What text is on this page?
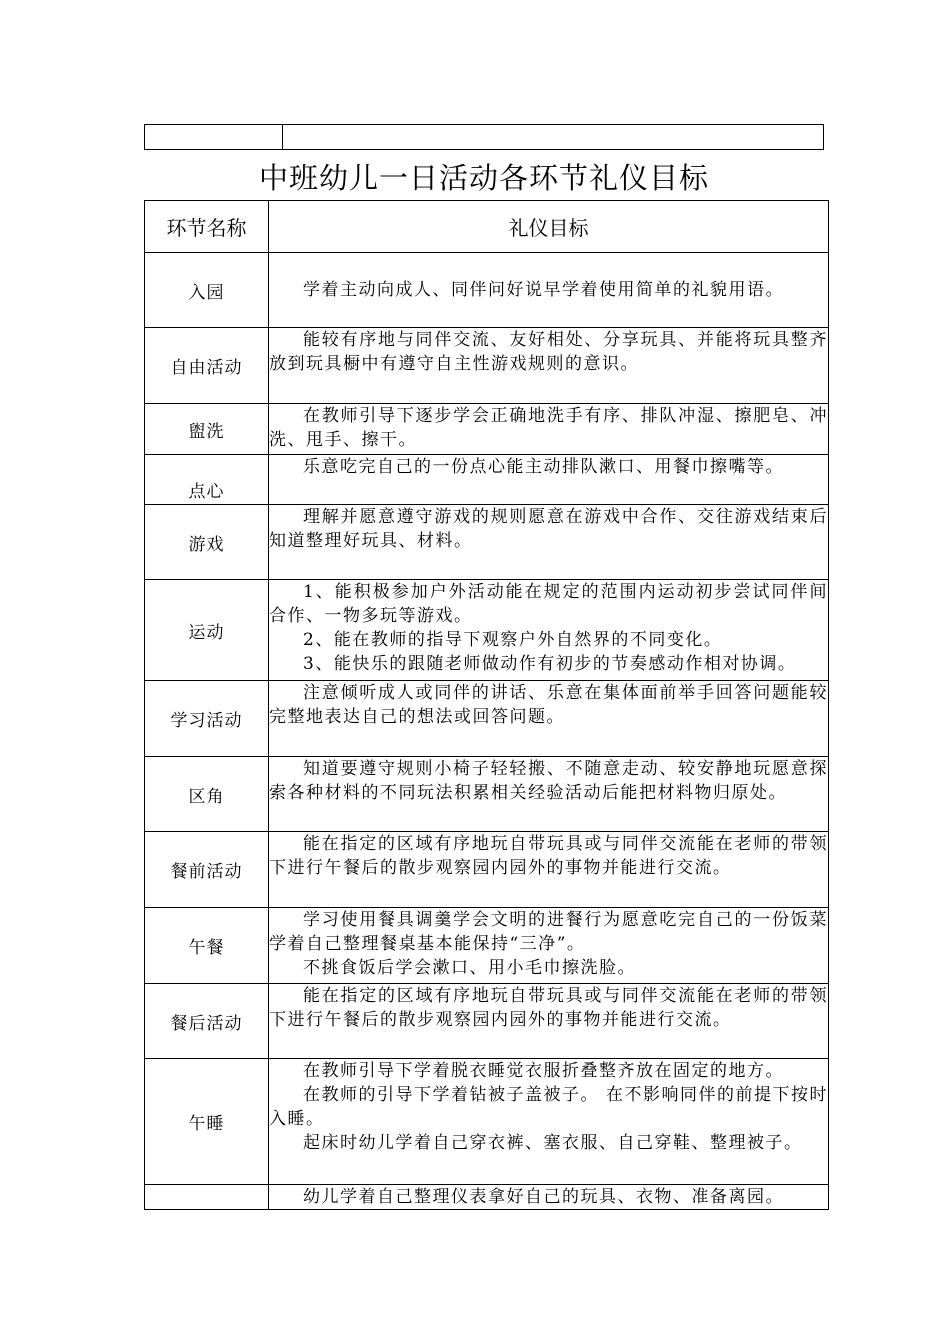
中班幼儿一日活动各环节礼仪目标
环节名称	礼仪目标
入园	学着主动向成人、同伴问好说早学着使用简单的礼貌用语。

自由活动	能较有序地与同伴交流、友好相处、分享玩具、并能将玩具整齐放到玩具橱中有遵守自主性游戏规则的意识。

盥洗	在教师引导下逐步学会正确地洗手有序、排队冲湿、擦肥皂、冲洗、甩手、擦干。

点心	乐意吃完自己的一份点心能主动排队漱口、用餐巾擦嘴等。

游戏	理解并愿意遵守游戏的规则愿意在游戏中合作、交往游戏结束后知道整理好玩具、材料。

运动	1、能积极参加户外活动能在规定的范围内运动初步尝试同伴间合作、一物多玩等游戏。
2、能在教师的指导下观察户外自然界的不同变化。
3、能快乐的跟随老师做动作有初步的节奏感动作相对协调。

学习活动	注意倾听成人或同伴的讲话、乐意在集体面前举手回答问题能较完整地表达自己的想法或回答问题。

区角	知道要遵守规则小椅子轻轻搬、不随意走动、较安静地玩愿意探索各种材料的不同玩法积累相关经验活动后能把材料物归原处。

餐前活动	能在指定的区域有序地玩自带玩具或与同伴交流能在老师的带领下进行午餐后的散步观察园内园外的事物并能进行交流。

午餐	学习使用餐具调羹学会文明的进餐行为愿意吃完自己的一份饭菜学着自己整理餐桌基本能保持“三净”。
不挑食饭后学会漱口、用小毛巾擦洗脸。

餐后活动	能在指定的区域有序地玩自带玩具或与同伴交流能在老师的带领下进行午餐后的散步观察园内园外的事物并能进行交流。

午睡	在教师引导下学着脱衣睡觉衣服折叠整齐放在固定的地方。
在教师的引导下学着钻被子盖被子。 在不影响同伴的前提下按时入睡。
起床时幼儿学着自己穿衣裤、塞衣服、自己穿鞋、整理被子。

	幼儿学着自己整理仪表拿好自己的玩具、衣物、准备离园。
